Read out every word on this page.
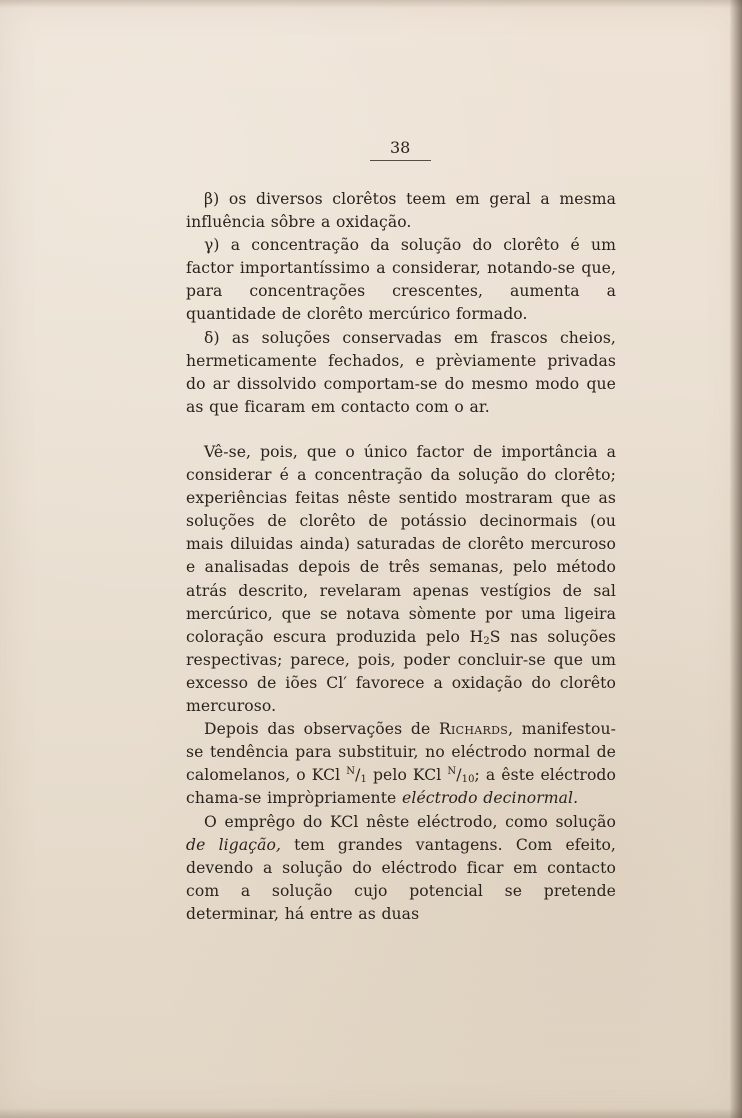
38

β) os diversos clorêtos teem em geral a mesma influência sôbre a oxidação.

γ) a concentração da solução do clorêto é um factor importantíssimo a considerar, notando-se que, para concentrações crescentes, aumenta a quantidade de clorêto mercúrico formado.

δ) as soluções conservadas em frascos cheios, hermeticamente fechados, e prèviamente privadas do ar dissolvido comportam-se do mesmo modo que as que ficaram em contacto com o ar.

Vê-se, pois, que o único factor de importância a considerar é a concentração da solução do clorêto; experiências feitas nêste sentido mostraram que as soluções de clorêto de potássio decinormais (ou mais diluidas ainda) saturadas de clorêto mercuroso e analisadas depois de três semanas, pelo método atrás descrito, revelaram apenas vestígios de sal mercúrico, que se notava sòmente por uma ligeira coloração escura produzida pelo $H_2S$ nas soluções respectivas; parece, pois, poder concluir-se que um excesso de iões Cl′ favorece a oxidação do clorêto mercuroso.

Depois das observações de Richards, manifestou-se tendência para substituir, no eléctrodo normal de calomelanos, o KCl $^N/_1$ pelo KCl $^N/_{10}$; a êste eléctrodo chama-se impròpriamente eléctrodo decinormal.

O emprêgo do KCl nêste eléctrodo, como solução de ligação, tem grandes vantagens. Com efeito, devendo a solução do eléctrodo ficar em contacto com a solução cujo potencial se pretende determinar, há entre as duas
